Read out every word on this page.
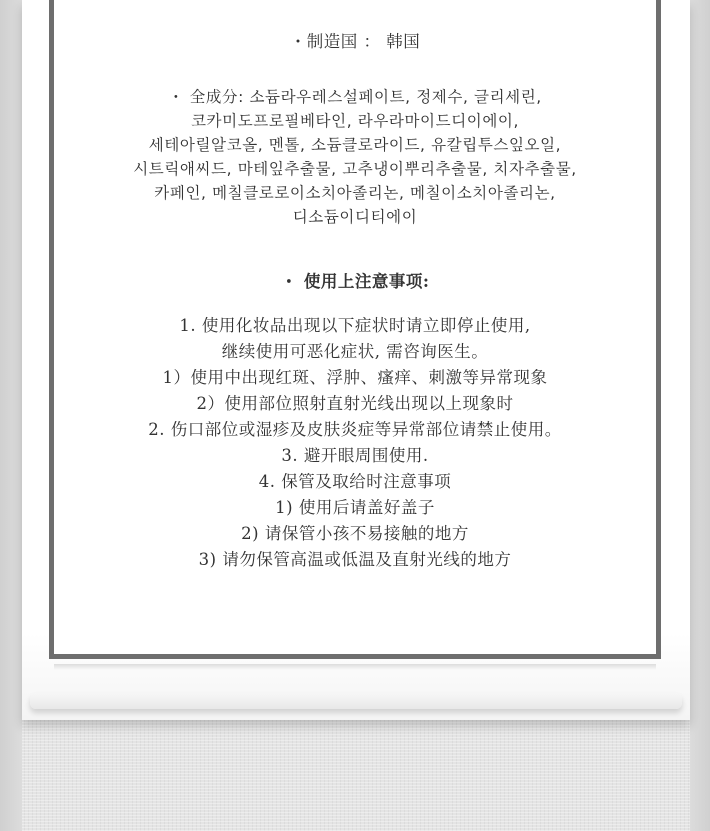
・制造国 ： 韩国
・ 全成分: 소듐라우레스설페이트, 정제수, 글리세린,
코카미도프로필베타인, 라우라마이드디이에이,
세테아릴알코올, 멘톨, 소듐클로라이드, 유칼립투스잎오일,
시트릭애씨드, 마테잎추출물, 고추냉이뿌리추출물, 치자추출물,
카페인, 메칠클로로이소치아졸리논, 메칠이소치아졸리논,
디소듐이디티에이
・ 使用上注意事项:
1. 使用化妆品出现以下症状时请立即停止使用,
继续使用可恶化症状, 需咨询医生。
1）使用中出现红斑、浮肿、瘙痒、刺激等异常现象
2）使用部位照射直射光线出现以上现象时
2. 伤口部位或湿疹及皮肤炎症等异常部位请禁止使用。
3. 避开眼周围使用.
4. 保管及取给时注意事项
1) 使用后请盖好盖子
2) 请保管小孩不易接触的地方
3) 请勿保管高温或低温及直射光线的地方
